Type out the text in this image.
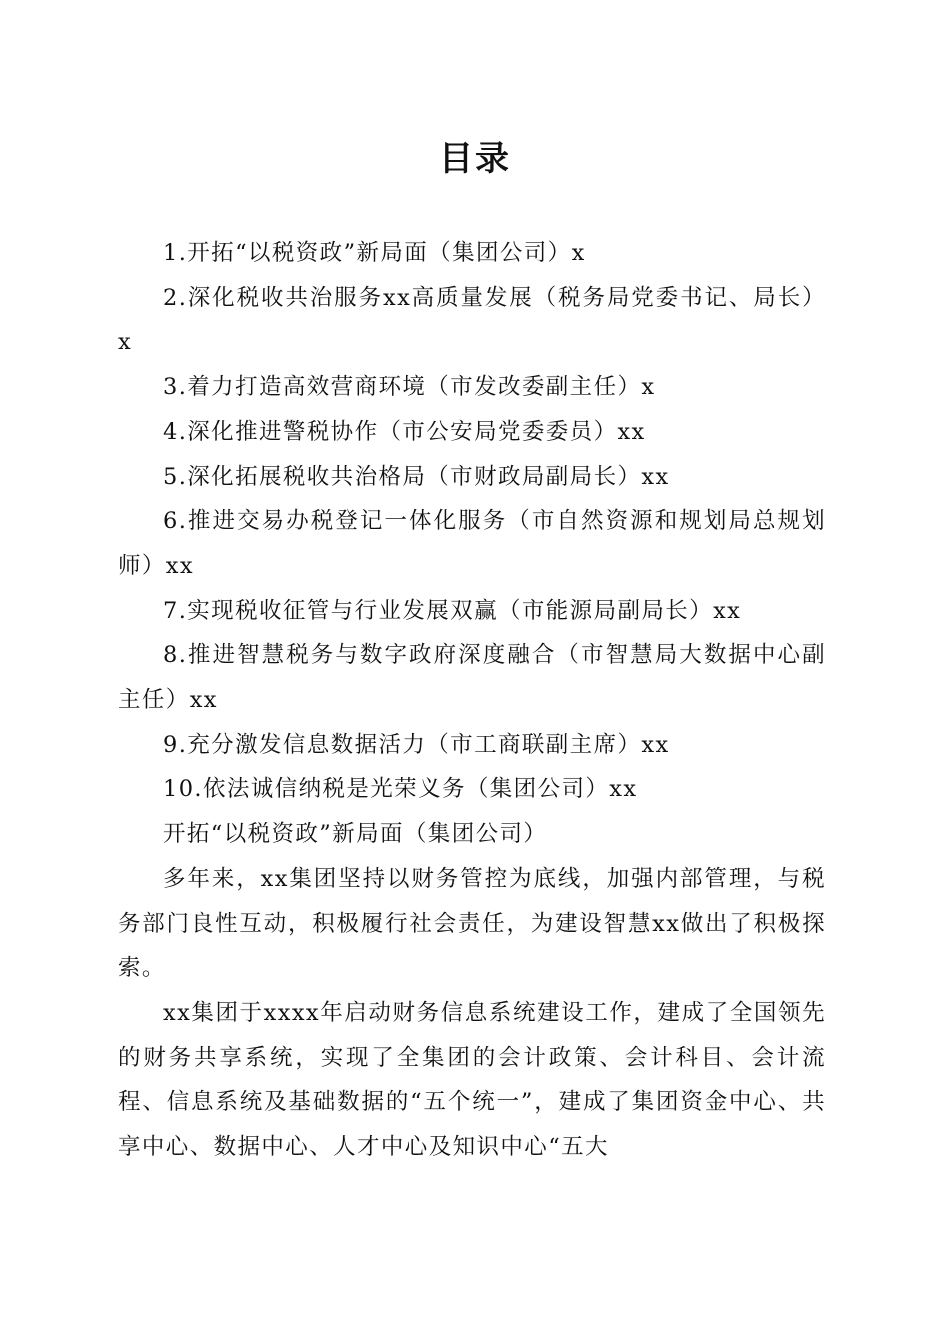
目录

1.开拓“以税资政”新局面（集团公司）x

2.深化税收共治服务xx高质量发展（税务局党委书记、局长）x

3.着力打造高效营商环境（市发改委副主任）x

4.深化推进警税协作（市公安局党委委员）xx

5.深化拓展税收共治格局（市财政局副局长）xx

6.推进交易办税登记一体化服务（市自然资源和规划局总规划师）xx

7.实现税收征管与行业发展双赢（市能源局副局长）xx

8.推进智慧税务与数字政府深度融合（市智慧局大数据中心副主任）xx

9.充分激发信息数据活力（市工商联副主席）xx

10.依法诚信纳税是光荣义务（集团公司）xx

开拓“以税资政”新局面（集团公司）

多年来，xx集团坚持以财务管控为底线，加强内部管理，与税务部门良性互动，积极履行社会责任，为建设智慧xx做出了积极探索。

xx集团于xxxx年启动财务信息系统建设工作，建成了全国领先的财务共享系统，实现了全集团的会计政策、会计科目、会计流程、信息系统及基础数据的“五个统一”，建成了集团资金中心、共享中心、数据中心、人才中心及知识中心“五大
